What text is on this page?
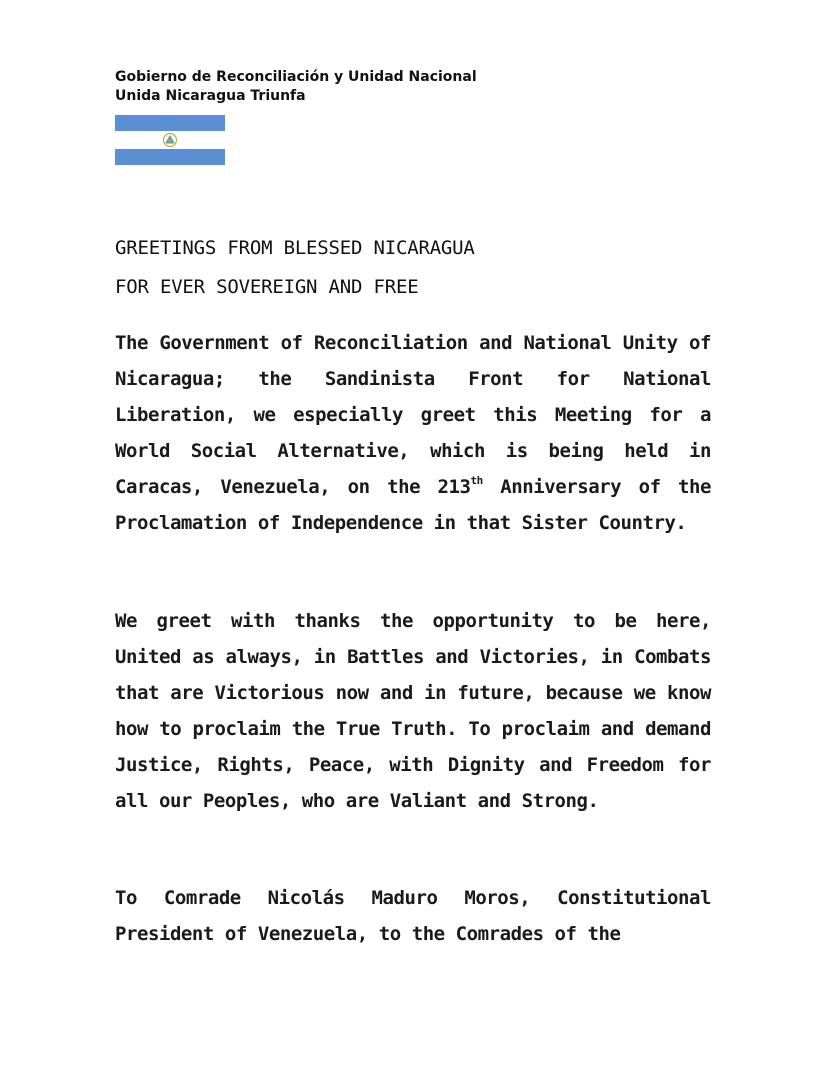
Gobierno de Reconciliación y Unidad Nacional
Unida Nicaragua Triunfa
GREETINGS FROM BLESSED NICARAGUA
FOR EVER SOVEREIGN AND FREE

The Government of Reconciliation and National Unity of Nicaragua; the Sandinista Front for National Liberation, we especially greet this Meeting for a World Social Alternative, which is being held in Caracas, Venezuela, on the 213th Anniversary of the Proclamation of Independence in that Sister Country.

We greet with thanks the opportunity to be here, United as always, in Battles and Victories, in Combats that are Victorious now and in future, because we know how to proclaim the True Truth. To proclaim and demand Justice, Rights, Peace, with Dignity and Freedom for all our Peoples, who are Valiant and Strong.

To Comrade Nicolás Maduro Moros, Constitutional President of Venezuela, to the Comrades of the
